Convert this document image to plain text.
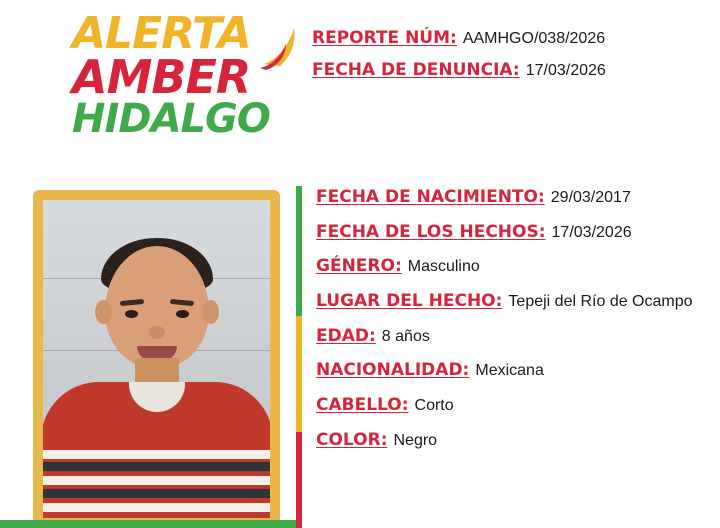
ALERTA
AMBER
HIDALGO
REPORTE NÚM: AAMHGO/038/2026
FECHA DE DENUNCIA: 17/03/2026
FECHA DE NACIMIENTO: 29/03/2017
FECHA DE LOS HECHOS: 17/03/2026
GÉNERO: Masculino
LUGAR DEL HECHO: Tepeji del Río de Ocampo
EDAD: 8 años
NACIONALIDAD: Mexicana
CABELLO: Corto
COLOR: Negro
